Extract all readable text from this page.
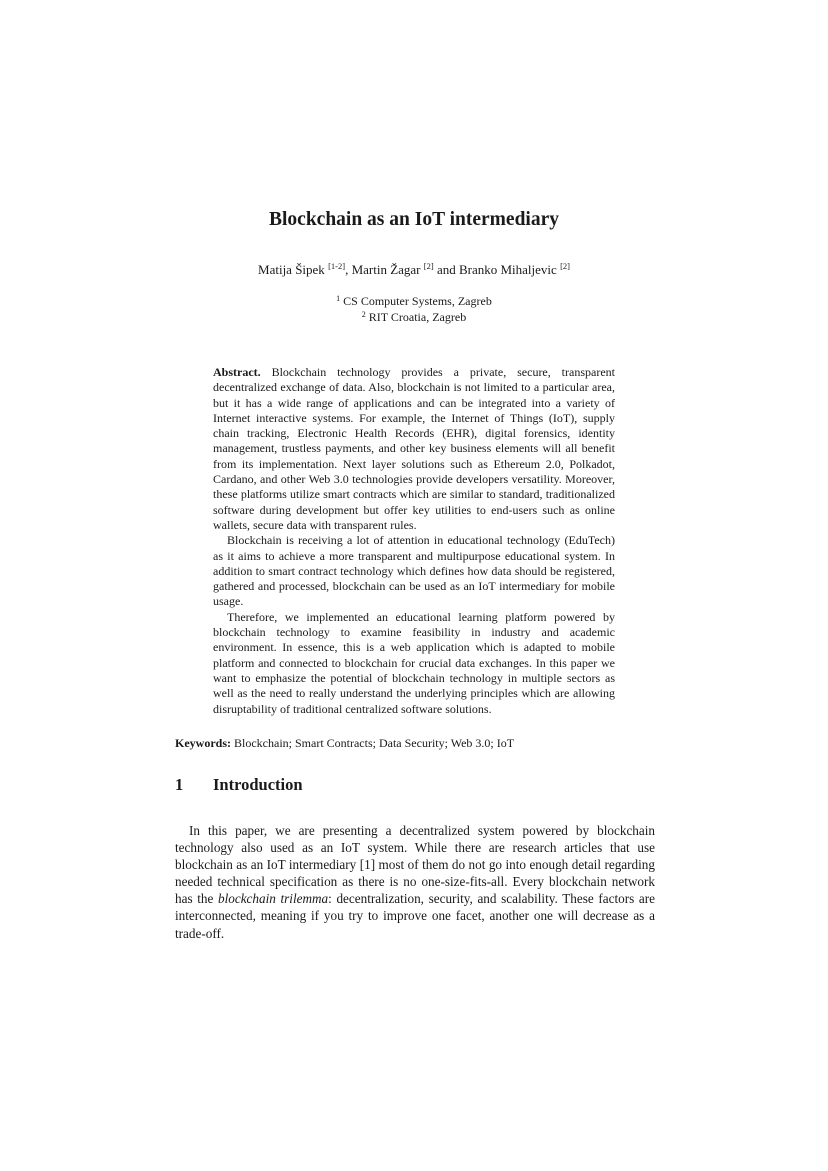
Blockchain as an IoT intermediary
Matija Šipek [1-2], Martin Žagar [2] and Branko Mihaljevic [2]
$^1$ CS Computer Systems, Zagreb
$^2$ RIT Croatia, Zagreb

Abstract. Blockchain technology provides a private, secure, transparent decentralized exchange of data. Also, blockchain is not limited to a particular area, but it has a wide range of applications and can be integrated into a variety of Internet interactive systems. For example, the Internet of Things (IoT), supply chain tracking, Electronic Health Records (EHR), digital forensics, identity management, trustless payments, and other key business elements will all benefit from its implementation. Next layer solutions such as Ethereum 2.0, Polkadot, Cardano, and other Web 3.0 technologies provide developers versatility. Moreover, these platforms utilize smart contracts which are similar to standard, traditionalized software during development but offer key utilities to end-users such as online wallets, secure data with transparent rules.

Blockchain is receiving a lot of attention in educational technology (EduTech) as it aims to achieve a more transparent and multipurpose educational system. In addition to smart contract technology which defines how data should be registered, gathered and processed, blockchain can be used as an IoT intermediary for mobile usage.

Therefore, we implemented an educational learning platform powered by blockchain technology to examine feasibility in industry and academic environment. In essence, this is a web application which is adapted to mobile platform and connected to blockchain for crucial data exchanges. In this paper we want to emphasize the potential of blockchain technology in multiple sectors as well as the need to really understand the underlying principles which are allowing disruptability of traditional centralized software solutions.

Keywords: Blockchain; Smart Contracts; Data Security; Web 3.0; IoT
1 Introduction

In this paper, we are presenting a decentralized system powered by blockchain technology also used as an IoT system. While there are research articles that use blockchain as an IoT intermediary [1] most of them do not go into enough detail regarding needed technical specification as there is no one-size-fits-all. Every blockchain network has the blockchain trilemma: decentralization, security, and scalability. These factors are interconnected, meaning if you try to improve one facet, another one will decrease as a trade-off.
